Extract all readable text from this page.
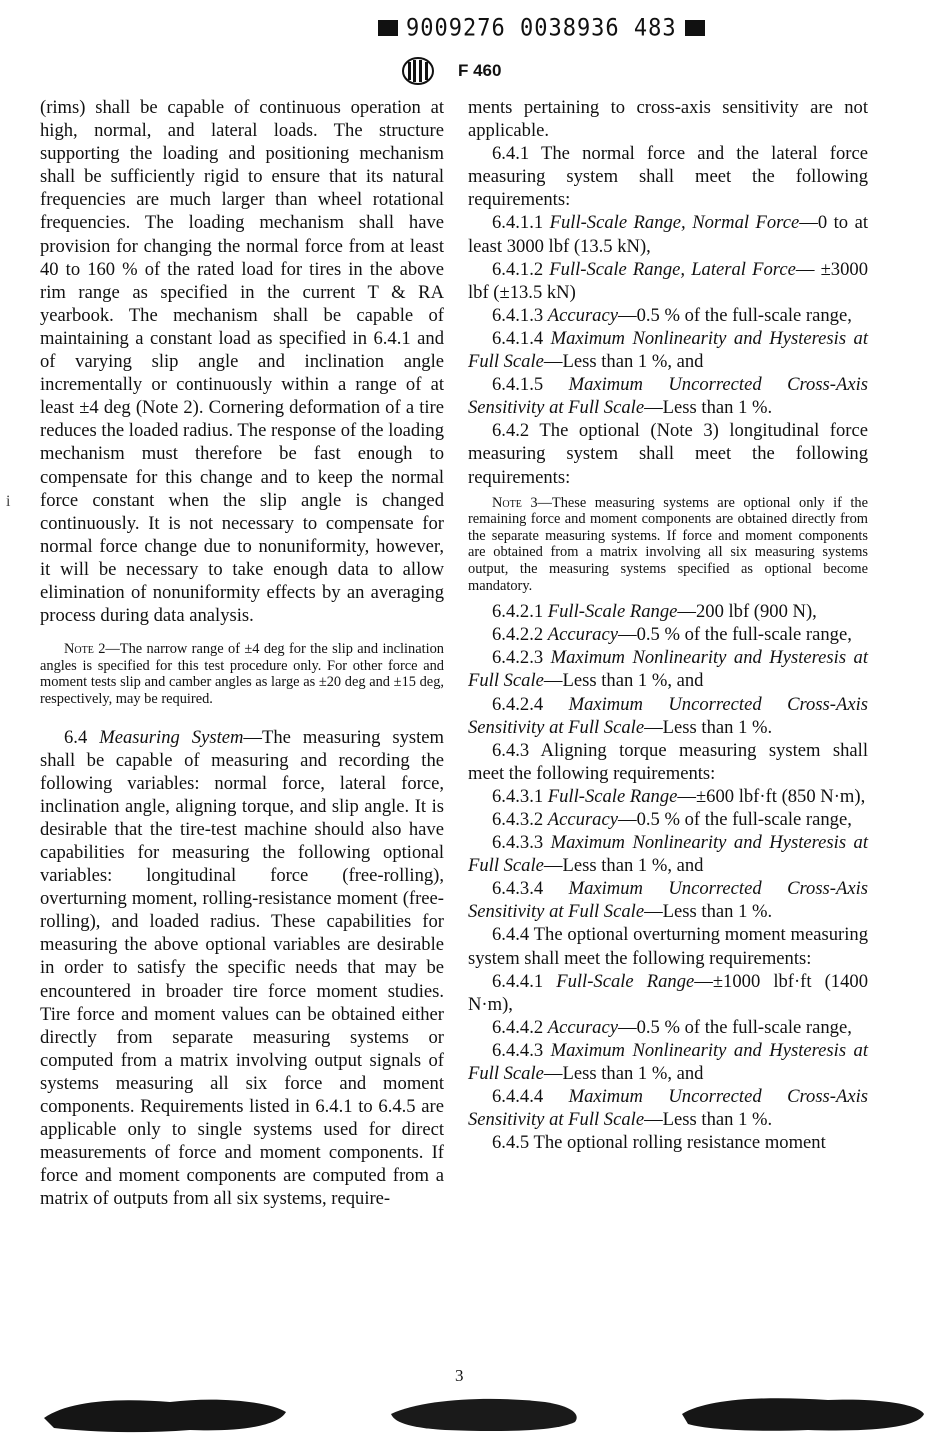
9009276 0038936 483
F 460

(rims) shall be capable of continuous operation at high, normal, and lateral loads. The structure supporting the loading and positioning mechanism shall be sufficiently rigid to ensure that its natural frequencies are much larger than wheel rotational frequencies. The loading mechanism shall have provision for changing the normal force from at least 40 to 160 % of the rated load for tires in the above rim range as specified in the current T & RA yearbook. The mechanism shall be capable of maintaining a constant load as specified in 6.4.1 and of varying slip angle and inclination angle incrementally or continuously within a range of at least ±4 deg (Note 2). Cornering deformation of a tire reduces the loaded radius. The response of the loading mechanism must therefore be fast enough to compensate for this change and to keep the normal force constant when the slip angle is changed continuously. It is not necessary to compensate for normal force change due to nonuniformity, however, it will be necessary to take enough data to allow elimination of nonuniformity effects by an averaging process during data analysis.

Note 2—The narrow range of ±4 deg for the slip and inclination angles is specified for this test procedure only. For other force and moment tests slip and camber angles as large as ±20 deg and ±15 deg, respectively, may be required.

6.4 Measuring System—The measuring system shall be capable of measuring and recording the following variables: normal force, lateral force, inclination angle, aligning torque, and slip angle. It is desirable that the tire-test machine should also have capabilities for measuring the following optional variables: longitudinal force (free-rolling), overturning moment, rolling-resistance moment (free-rolling), and loaded radius. These capabilities for measuring the above optional variables are desirable in order to satisfy the specific needs that may be encountered in broader tire force moment studies. Tire force and moment values can be obtained either directly from separate measuring systems or computed from a matrix involving output signals of systems measuring all six force and moment components. Requirements listed in 6.4.1 to 6.4.5 are applicable only to single systems used for direct measurements of force and moment components. If force and moment components are computed from a matrix of outputs from all six systems, require-

ments pertaining to cross-axis sensitivity are not applicable.

6.4.1 The normal force and the lateral force measuring system shall meet the following requirements:

6.4.1.1 Full-Scale Range, Normal Force—0 to at least 3000 lbf (13.5 kN),

6.4.1.2 Full-Scale Range, Lateral Force— ±3000 lbf (±13.5 kN)

6.4.1.3 Accuracy—0.5 % of the full-scale range,

6.4.1.4 Maximum Nonlinearity and Hysteresis at Full Scale—Less than 1 %, and

6.4.1.5 Maximum Uncorrected Cross-Axis Sensitivity at Full Scale—Less than 1 %.

6.4.2 The optional (Note 3) longitudinal force measuring system shall meet the following requirements:

Note 3—These measuring systems are optional only if the remaining force and moment components are obtained directly from the separate measuring systems. If force and moment components are obtained from a matrix involving all six measuring systems output, the measuring systems specified as optional become mandatory.

6.4.2.1 Full-Scale Range—200 lbf (900 N),

6.4.2.2 Accuracy—0.5 % of the full-scale range,

6.4.2.3 Maximum Nonlinearity and Hysteresis at Full Scale—Less than 1 %, and

6.4.2.4 Maximum Uncorrected Cross-Axis Sensitivity at Full Scale—Less than 1 %.

6.4.3 Aligning torque measuring system shall meet the following requirements:

6.4.3.1 Full-Scale Range—±600 lbf·ft (850 N·m),

6.4.3.2 Accuracy—0.5 % of the full-scale range,

6.4.3.3 Maximum Nonlinearity and Hysteresis at Full Scale—Less than 1 %, and

6.4.3.4 Maximum Uncorrected Cross-Axis Sensitivity at Full Scale—Less than 1 %.

6.4.4 The optional overturning moment measuring system shall meet the following requirements:

6.4.4.1 Full-Scale Range—±1000 lbf·ft (1400 N·m),

6.4.4.2 Accuracy—0.5 % of the full-scale range,

6.4.4.3 Maximum Nonlinearity and Hysteresis at Full Scale—Less than 1 %, and

6.4.4.4 Maximum Uncorrected Cross-Axis Sensitivity at Full Scale—Less than 1 %.

6.4.5 The optional rolling resistance moment

i
3
